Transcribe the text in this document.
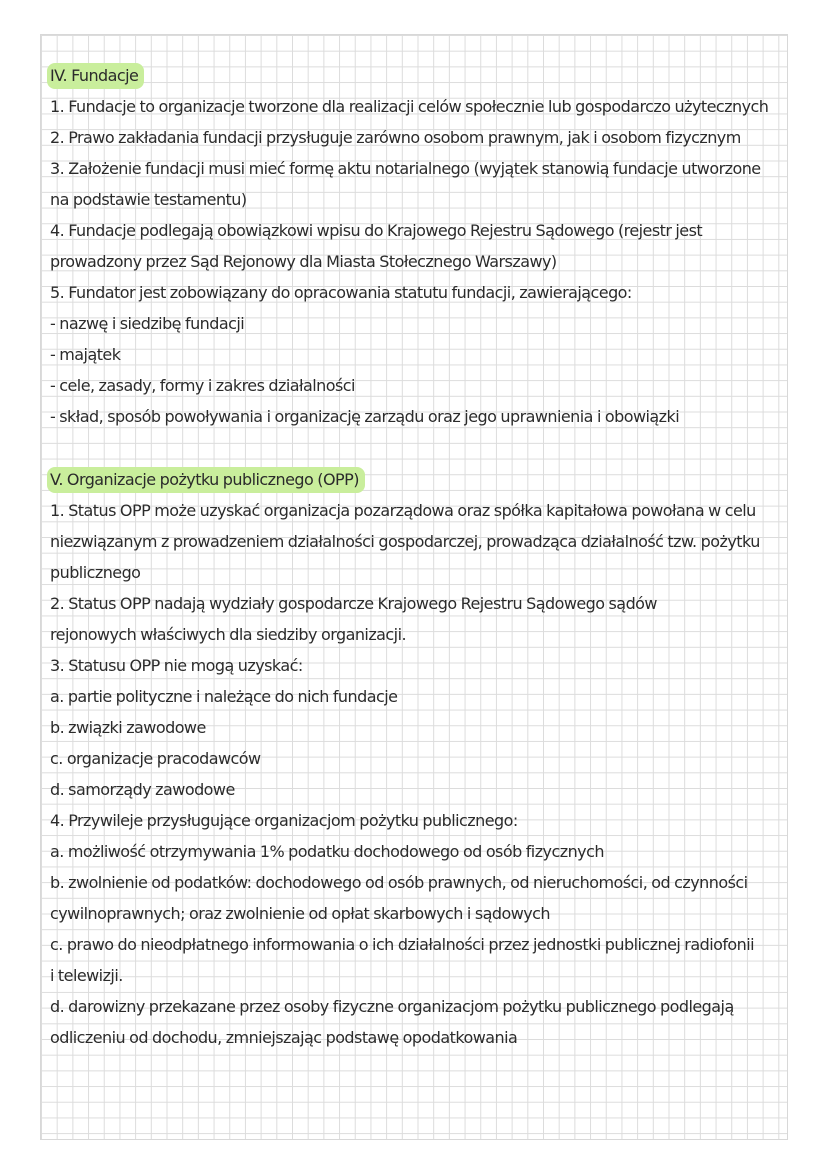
IV. Fundacje
1. Fundacje to organizacje tworzone dla realizacji celów społecznie lub gospodarczo użytecznych
2. Prawo zakładania fundacji przysługuje zarówno osobom prawnym, jak i osobom fizycznym
3. Założenie fundacji musi mieć formę aktu notarialnego (wyjątek stanowią fundacje utworzone
na podstawie testamentu)
4. Fundacje podlegają obowiązkowi wpisu do Krajowego Rejestru Sądowego (rejestr jest
prowadzony przez Sąd Rejonowy dla Miasta Stołecznego Warszawy)
5. Fundator jest zobowiązany do opracowania statutu fundacji, zawierającego:
- nazwę i siedzibę fundacji
- majątek
- cele, zasady, formy i zakres działalności
- skład, sposób powoływania i organizację zarządu oraz jego uprawnienia i obowiązki
V. Organizacje pożytku publicznego (OPP)
1. Status OPP może uzyskać organizacja pozarządowa oraz spółka kapitałowa powołana w celu
niezwiązanym z prowadzeniem działalności gospodarczej, prowadząca działalność tzw. pożytku
publicznego
2. Status OPP nadają wydziały gospodarcze Krajowego Rejestru Sądowego sądów
rejonowych właściwych dla siedziby organizacji.
3. Statusu OPP nie mogą uzyskać:
a. partie polityczne i należące do nich fundacje
b. związki zawodowe
c. organizacje pracodawców
d. samorządy zawodowe
4. Przywileje przysługujące organizacjom pożytku publicznego:
a. możliwość otrzymywania 1% podatku dochodowego od osób fizycznych
b. zwolnienie od podatków: dochodowego od osób prawnych, od nieruchomości, od czynności
cywilnoprawnych; oraz zwolnienie od opłat skarbowych i sądowych
c. prawo do nieodpłatnego informowania o ich działalności przez jednostki publicznej radiofonii
i telewizji.
d. darowizny przekazane przez osoby fizyczne organizacjom pożytku publicznego podlegają
odliczeniu od dochodu, zmniejszając podstawę opodatkowania
